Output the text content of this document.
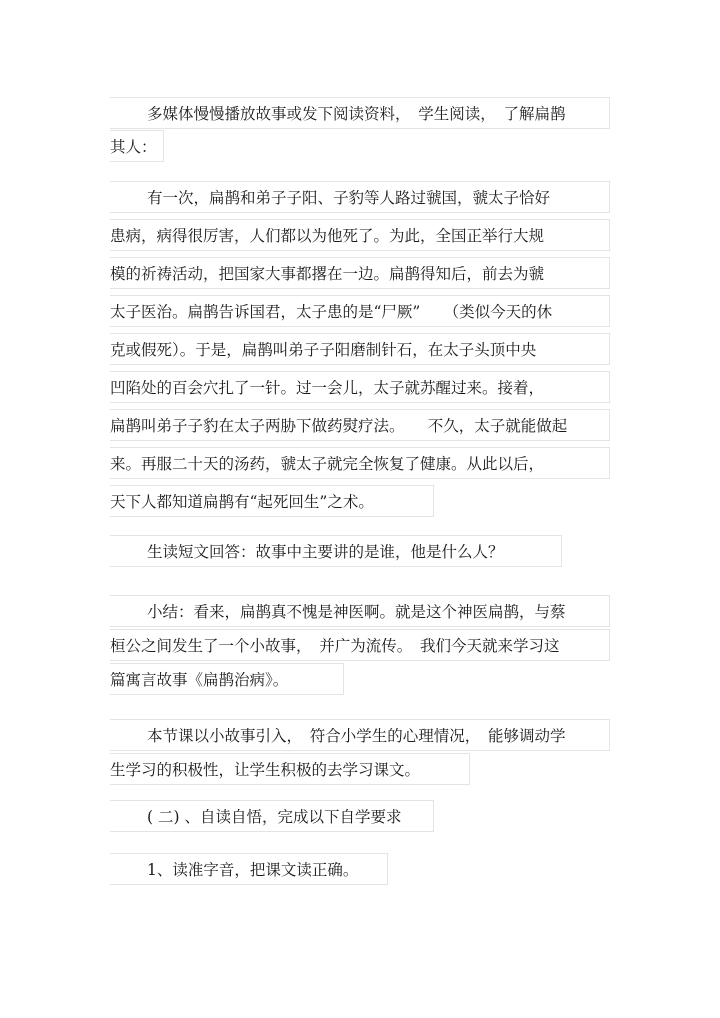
多媒体慢慢播放故事或发下阅读资料，　学生阅读，　了解扁鹊
其人：
有一次，扁鹊和弟子子阳、子豹等人路过虢国，虢太子恰好
患病，病得很厉害，人们都以为他死了。为此，全国正举行大规
模的祈祷活动，把国家大事都撂在一边。扁鹊得知后，前去为虢
太子医治。扁鹊告诉国君，太子患的是“尸厥”　　（类似今天的休
克或假死）。于是，扁鹊叫弟子子阳磨制针石，在太子头顶中央
凹陷处的百会穴扎了一针。过一会儿，太子就苏醒过来。接着，
扁鹊叫弟子子豹在太子两胁下做药熨疗法。　　不久，太子就能做起
来。再服二十天的汤药，虢太子就完全恢复了健康。从此以后，
天下人都知道扁鹊有“起死回生”之术。
生读短文回答：故事中主要讲的是谁，他是什么人？
小结：看来，扁鹊真不愧是神医啊。就是这个神医扁鹊，与蔡
桓公之间发生了一个小故事，　并广为流传。　我们今天就来学习这
篇寓言故事《扁鹊治病》。
本节课以小故事引入，　符合小学生的心理情况，　能够调动学
生学习的积极性，让学生积极的去学习课文。
( 二) 、自读自悟，完成以下自学要求
1、读准字音，把课文读正确。
